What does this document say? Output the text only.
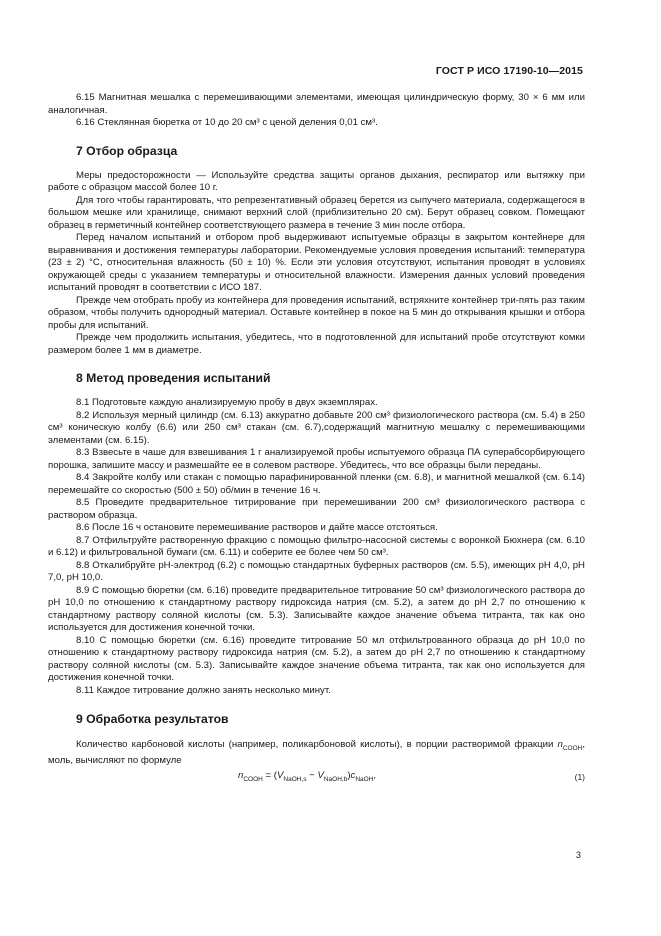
ГОСТ Р ИСО 17190-10—2015

6.15 Магнитная мешалка с перемешивающими элементами, имеющая цилиндрическую форму, 30 × 6 мм или аналогичная.

6.16 Стеклянная бюретка от 10 до 20 см³ с ценой деления 0,01 см³.

7 Отбор образца

Меры предосторожности — Используйте средства защиты органов дыхания, респиратор или вытяжку при работе с образцом массой более 10 г.

Для того чтобы гарантировать, что репрезентативный образец берется из сыпучего материала, содержащегося в большом мешке или хранилище, снимают верхний слой (приблизительно 20 см). Берут образец совком. Помещают образец в герметичный контейнер соответствующего размера в течение 3 мин после отбора.

Перед началом испытаний и отбором проб выдерживают испытуемые образцы в закрытом контейнере для выравнивания и достижения температуры лаборатории. Рекомендуемые условия проведения испытаний: температура (23 ± 2) °С, относительная влажность (50 ± 10) %. Если эти условия отсутствуют, испытания проводят в условиях окружающей среды с указанием температуры и относительной влажности. Измерения данных условий проведения испытаний проводят в соответствии с ИСО 187.

Прежде чем отобрать пробу из контейнера для проведения испытаний, встряхните контейнер три-пять раз таким образом, чтобы получить однородный материал. Оставьте контейнер в покое на 5 мин до открывания крышки и отбора пробы для испытаний.

Прежде чем продолжить испытания, убедитесь, что в подготовленной для испытаний пробе отсутствуют комки размером более 1 мм в диаметре.

8 Метод проведения испытаний

8.1 Подготовьте каждую анализируемую пробу в двух экземплярах.

8.2 Используя мерный цилиндр (см. 6.13) аккуратно добавьте 200 см³ физиологического раствора (см. 5.4) в 250 см³ коническую колбу (6.6) или 250 см³ стакан (см. 6.7),содержащий магнитную мешалку с перемешивающими элементами (см. 6.15).

8.3 Взвесьте в чаше для взвешивания 1 г анализируемой пробы испытуемого образца ПА суперабсорбирующего порошка, запишите массу и размешайте ее в солевом растворе. Убедитесь, что все образцы были переданы.

8.4 Закройте колбу или стакан с помощью парафинированной пленки (см. 6.8), и магнитной мешалкой (см. 6.14) перемешайте со скоростью (500 ± 50) об/мин в течение 16 ч.

8.5 Проведите предварительное титрирование при перемешивании 200 см³ физиологического раствора с раствором образца.

8.6 После 16 ч остановите перемешивание растворов и дайте массе отстояться.

8.7 Отфильтруйте растворенную фракцию с помощью фильтро-насосной системы с воронкой Бюхнера (см. 6.10 и 6.12) и фильтровальной бумаги (см. 6.11) и соберите ее более чем 50 см³.

8.8 Откалибруйте рН-электрод (6.2) с помощью стандартных буферных растворов (см. 5.5), имеющих рН 4,0, рН 7,0, рН 10,0.

8.9 С помощью бюретки (см. 6.16) проведите предварительное титрование 50 см³ физиологического раствора до рН 10,0 по отношению к стандартному раствору гидроксида натрия (см. 5.2), а затем до рН 2,7 по отношению к стандартному раствору соляной кислоты (см. 5.3). Записывайте каждое значение объема титранта, так как оно используется для достижения конечной точки.

8.10 С помощью бюретки (см. 6.16) проведите титрование 50 мл отфильтрованного образца до рН 10,0 по отношению к стандартному раствору гидроксида натрия (см. 5.2), а затем до рН 2,7 по отношению к стандартному раствору соляной кислоты (см. 5.3). Записывайте каждое значение объема титранта, так как оно используется для достижения конечной точки.

8.11 Каждое титрование должно занять несколько минут.

9 Обработка результатов

Количество карбоновой кислоты (например, поликарбоновой кислоты), в порции растворимой фракции $n_{COOH}$, моль, вычисляют по формуле

$n_{COOH} = (V_{NaOH,s} - V_{NaOH,b})c_{NaOH}$,	(1)
3
